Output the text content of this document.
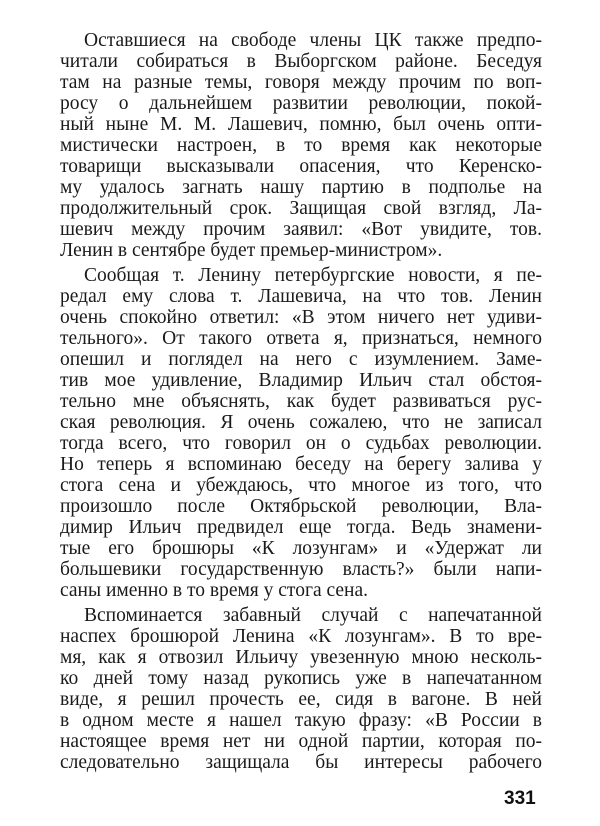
Оставшиеся на свободе члены ЦК также предпо-
читали собираться в Выборгском районе. Беседуя
там на разные темы, говоря между прочим по воп-
росу о дальнейшем развитии революции, покой-
ный ныне М. М. Лашевич, помню, был очень опти-
мистически настроен, в то время как некоторые
товарищи высказывали опасения, что Керенско-
му удалось загнать нашу партию в подполье на
продолжительный срок. Защищая свой взгляд, Ла-
шевич между прочим заявил: «Вот увидите, тов.
Ленин в сентябре будет премьер-министром».
Сообщая т. Ленину петербургские новости, я пе-
редал ему слова т. Лашевича, на что тов. Ленин
очень спокойно ответил: «В этом ничего нет удиви-
тельного». От такого ответа я, признаться, немного
опешил и поглядел на него с изумлением. Заме-
тив мое удивление, Владимир Ильич стал обстоя-
тельно мне объяснять, как будет развиваться рус-
ская революция. Я очень сожалею, что не записал
тогда всего, что говорил он о судьбах революции.
Но теперь я вспоминаю беседу на берегу залива у
стога сена и убеждаюсь, что многое из того, что
произошло после Октябрьской революции, Вла-
димир Ильич предвидел еще тогда. Ведь знамени-
тые его брошюры «К лозунгам» и «Удержат ли
большевики государственную власть?» были напи-
саны именно в то время у стога сена.
Вспоминается забавный случай с напечатанной
наспех брошюрой Ленина «К лозунгам». В то вре-
мя, как я отвозил Ильичу увезенную мною несколь-
ко дней тому назад рукопись уже в напечатанном
виде, я решил прочесть ее, сидя в вагоне. В ней
в одном месте я нашел такую фразу: «В России в
настоящее время нет ни одной партии, которая по-
следовательно защищала бы интересы рабочего
331
